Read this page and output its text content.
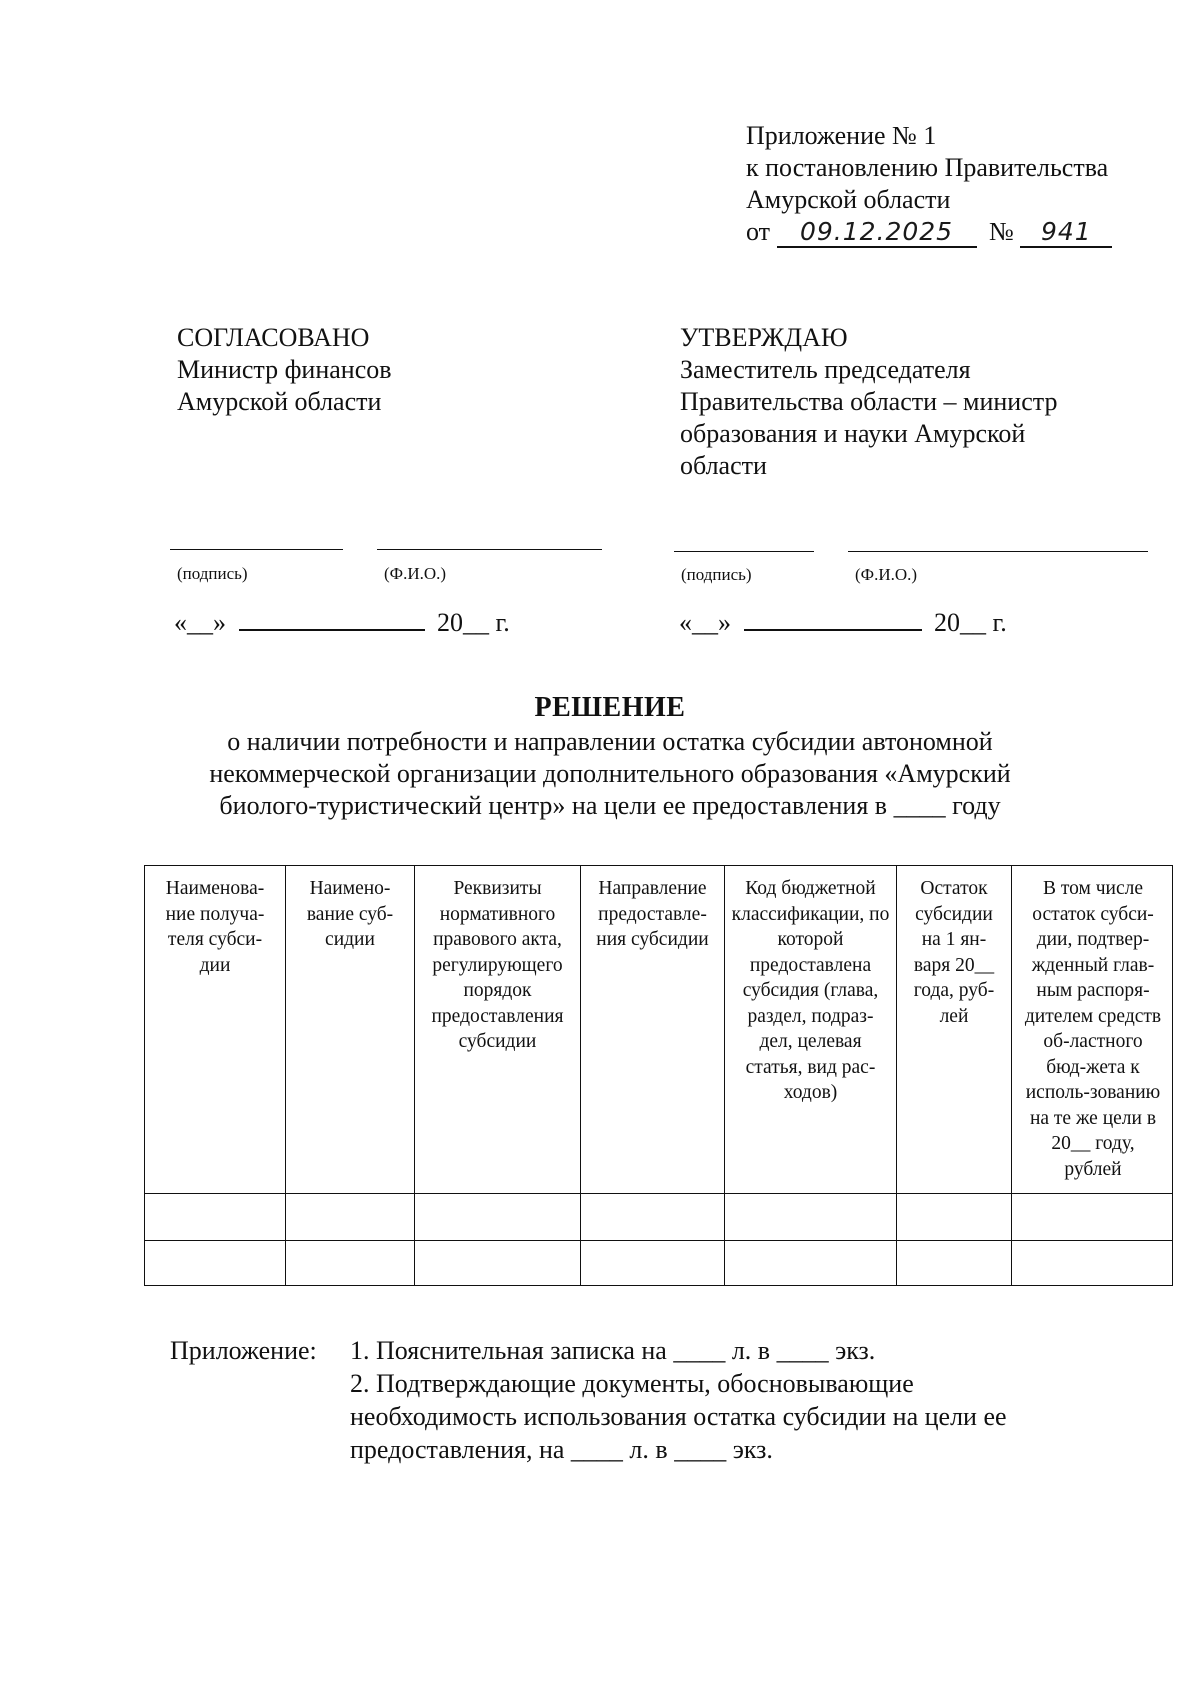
Приложение № 1
к постановлению Правительства
Амурской области
от 09.12.2025 № 941
СОГЛАСОВАНО
Министр финансов
Амурской области
УТВЕРЖДАЮ
Заместитель председателя
Правительства области – министр
образования и науки Амурской
области
(подпись)	(Ф.И.О.)	(подпись)	(Ф.И.О.)
«__»	20__ г.	«__»	20__ г.
РЕШЕНИЕ
о наличии потребности и направлении остатка субсидии автономной
некоммерческой организации дополнительного образования «Амурский
биолого-туристический центр» на цели ее предоставления в ____ году
Наименова-ние получа-теля субси-дии	Наимено-вание суб-сидии	Реквизиты нормативного правового акта, регулирующего порядок предоставления субсидии	Направление предоставле-ния субсидии	Код бюджетной классификации, по которой предоставлена субсидия (глава, раздел, подраз-дел, целевая статья, вид рас-ходов)	Остаток субсидии на 1 ян-варя 20__ года, руб-лей	В том числе остаток субси-дии, подтвер-жденный глав-ным распоря-дителем средств об-ластного бюд-жета к исполь-зованию на те же цели в 20__ году, рублей

Приложение: 1. Пояснительная записка на ____ л. в ____ экз.
2. Подтверждающие документы, обосновывающие
необходимость использования остатка субсидии на цели ее
предоставления, на ____ л. в ____ экз.
